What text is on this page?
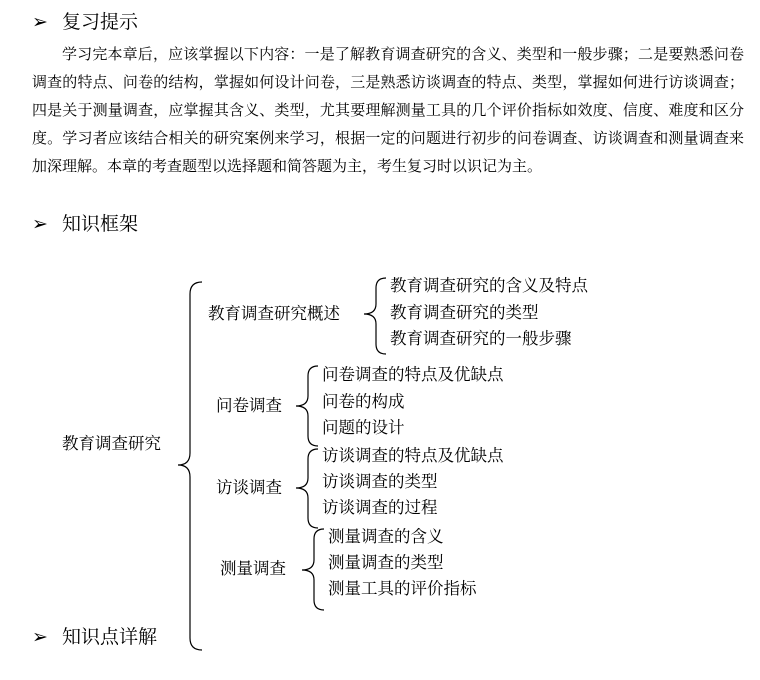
➢ 复习提示
学习完本章后，应该掌握以下内容：一是了解教育调查研究的含义、类型和一般步骤；二是要熟悉问卷调查的特点、问卷的结构，掌握如何设计问卷，三是熟悉访谈调查的特点、类型，掌握如何进行访谈调查；四是关于测量调查，应掌握其含义、类型，尤其要理解测量工具的几个评价指标如效度、信度、难度和区分度。学习者应该结合相关的研究案例来学习，根据一定的问题进行初步的问卷调查、访谈调查和测量调查来加深理解。本章的考查题型以选择题和简答题为主，考生复习时以识记为主。
➢ 知识框架
➢ 知识点详解
教育调查研究
教育调查研究概述
教育调查研究的含义及特点
教育调查研究的类型
教育调查研究的一般步骤
问卷调查
问卷调查的特点及优缺点
问卷的构成
问题的设计
访谈调查
访谈调查的特点及优缺点
访谈调查的类型
访谈调查的过程
测量调查
测量调查的含义
测量调查的类型
测量工具的评价指标
